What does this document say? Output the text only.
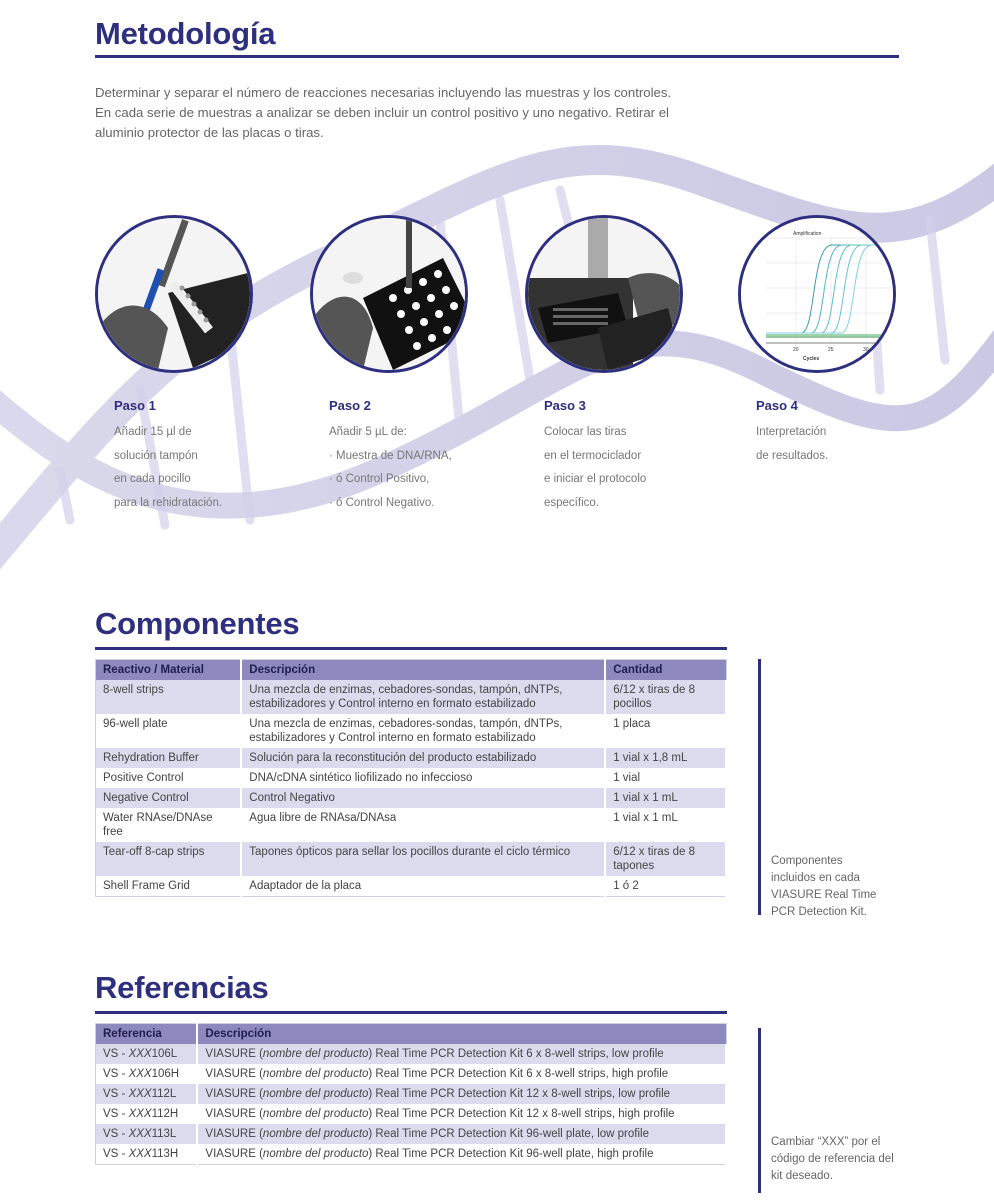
Metodología

Determinar y separar el número de reacciones necesarias incluyendo las muestras y los controles.

En cada serie de muestras a analizar se deben incluir un control positivo y uno negativo. Retirar el

aluminio protector de las placas o tiras.

Amplification
20	25	30
Cycles

Paso 1

Añadir 15 µl de
solución tampón
en cada pocillo
para la rehidratación.

Paso 2

Añadir 5 µL de:
· Muestra de DNA/RNA,
· ó Control Positivo,
· ó Control Negativo.

Paso 3

Colocar las tiras
en el termociclador
e iniciar el protocolo
específico.

Paso 4

Interpretación
de resultados.
Componentes
Reactivo / Material	Descripción	Cantidad
8-well strips	Una mezcla de enzimas, cebadores-sondas, tampón, dNTPs, estabilizadores y Control interno en formato estabilizado	6/12 x tiras de 8 pocillos
96-well plate	Una mezcla de enzimas, cebadores-sondas, tampón, dNTPs, estabilizadores y Control interno en formato estabilizado	1 placa
Rehydration Buffer	Solución para la reconstitución del producto estabilizado	1 vial x 1,8 mL
Positive Control	DNA/cDNA sintético liofilizado no infeccioso	1 vial
Negative Control	Control Negativo	1 vial x 1 mL
Water RNAse/DNAse free	Agua libre de RNAsa/DNAsa	1 vial x 1 mL
Tear-off 8-cap strips	Tapones ópticos para sellar los pocillos durante el ciclo térmico	6/12 x tiras de 8 tapones
Shell Frame Grid	Adaptador de la placa	1 ó 2
Componentes incluidos en cada VIASURE Real Time PCR Detection Kit.
Referencias
Referencia	Descripción
VS - XXX106L	VIASURE (nombre del producto) Real Time PCR Detection Kit 6 x 8-well strips, low profile
VS - XXX106H	VIASURE (nombre del producto) Real Time PCR Detection Kit 6 x 8-well strips, high profile
VS - XXX112L	VIASURE (nombre del producto) Real Time PCR Detection Kit 12 x 8-well strips, low profile
VS - XXX112H	VIASURE (nombre del producto) Real Time PCR Detection Kit 12 x 8-well strips, high profile
VS - XXX113L	VIASURE (nombre del producto) Real Time PCR Detection Kit 96-well plate, low profile
VS - XXX113H	VIASURE (nombre del producto) Real Time PCR Detection Kit 96-well plate, high profile
Cambiar “XXX” por el código de referencia del kit deseado.
